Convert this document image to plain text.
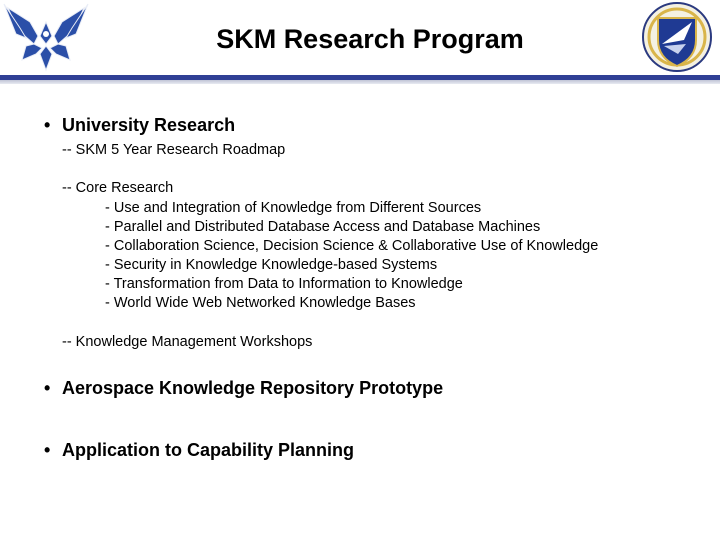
SKM Research Program
• University Research
-- SKM 5 Year Research Roadmap
-- Core Research
- Use and Integration of Knowledge from Different Sources
- Parallel and Distributed Database Access and Database Machines
- Collaboration Science, Decision Science & Collaborative Use of Knowledge
- Security in Knowledge Knowledge-based Systems
- Transformation from Data to Information to Knowledge
- World Wide Web Networked Knowledge Bases
-- Knowledge Management Workshops
• Aerospace Knowledge Repository Prototype
• Application to Capability Planning
